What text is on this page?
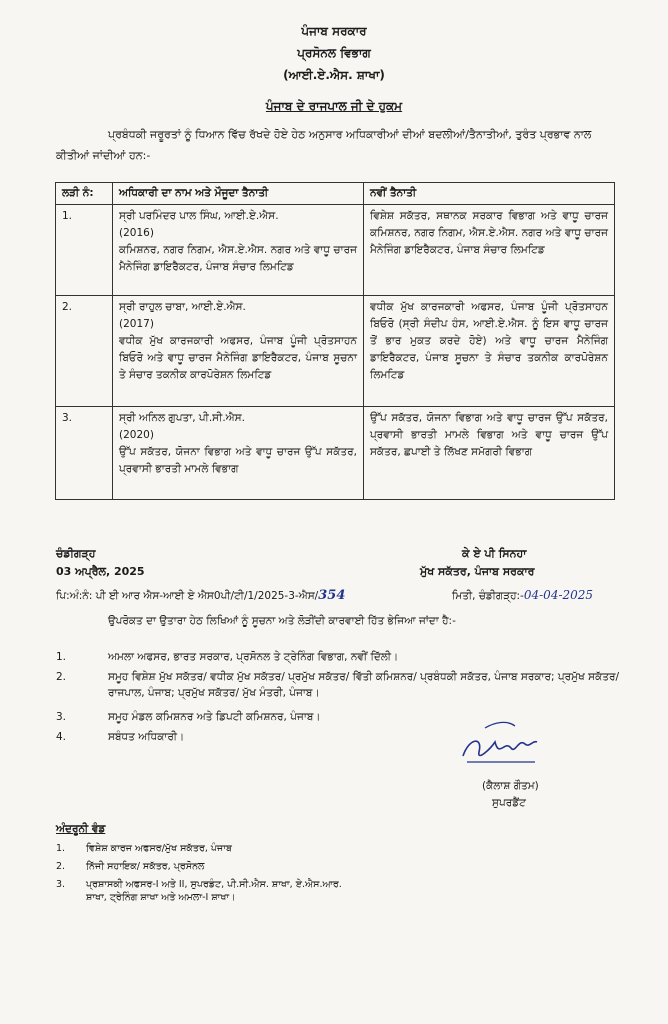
ਪੰਜਾਬ ਸਰਕਾਰ
ਪ੍ਰਸੋਨਲ ਵਿਭਾਗ
(ਆਈ.ਏ.ਐਸ. ਸ਼ਾਖਾ)
ਪੰਜਾਬ ਦੇ ਰਾਜਪਾਲ ਜੀ ਦੇ ਹੁਕਮ
ਪ੍ਰਬੰਧਕੀ ਜਰੂਰਤਾਂ ਨੂੰ ਧਿਆਨ ਵਿੱਚ ਰੱਖਦੇ ਹੋਏ ਹੇਠ ਅਨੁਸਾਰ ਅਧਿਕਾਰੀਆਂ ਦੀਆਂ ਬਦਲੀਆਂ/ਤੈਨਾਤੀਆਂ, ਤੁਰੰਤ ਪ੍ਰਭਾਵ ਨਾਲ ਕੀਤੀਆਂ ਜਾਂਦੀਆਂ ਹਨ:-
ਲੜੀ ਨੰ:	ਅਧਿਕਾਰੀ ਦਾ ਨਾਮ ਅਤੇ ਮੌਜੂਦਾ ਤੈਨਾਤੀ	ਨਵੀਂ ਤੈਨਾਤੀ
1.	ਸ੍ਰੀ ਪਰਮਿੰਦਰ ਪਾਲ ਸਿੰਘ, ਆਈ.ਏ.ਐਸ.
(2016)
ਕਮਿਸ਼ਨਰ, ਨਗਰ ਨਿਗਮ, ਐਸ.ਏ.ਐਸ. ਨਗਰ ਅਤੇ ਵਾਧੂ ਚਾਰਜ ਮੈਨੇਜਿੰਗ ਡਾਇਰੈਕਟਰ, ਪੰਜਾਬ ਸੰਚਾਰ ਲਿਮਟਿਡ	ਵਿਸ਼ੇਸ਼ ਸਕੱਤਰ, ਸਥਾਨਕ ਸਰਕਾਰ ਵਿਭਾਗ ਅਤੇ ਵਾਧੂ ਚਾਰਜ ਕਮਿਸ਼ਨਰ, ਨਗਰ ਨਿਗਮ, ਐਸ.ਏ.ਐਸ. ਨਗਰ ਅਤੇ ਵਾਧੂ ਚਾਰਜ ਮੈਨੇਜਿੰਗ ਡਾਇਰੈਕਟਰ, ਪੰਜਾਬ ਸੰਚਾਰ ਲਿਮਟਿਡ
2.	ਸ੍ਰੀ ਰਾਹੁਲ ਚਾਬਾ, ਆਈ.ਏ.ਐਸ.
(2017)
ਵਧੀਕ ਮੁੱਖ ਕਾਰਜਕਾਰੀ ਅਫਸਰ, ਪੰਜਾਬ ਪੂੰਜੀ ਪ੍ਰੋਤਸਾਹਨ ਬਿਓਰੋ ਅਤੇ ਵਾਧੂ ਚਾਰਜ ਮੈਨੇਜਿੰਗ ਡਾਇਰੈਕਟਰ, ਪੰਜਾਬ ਸੂਚਨਾ ਤੇ ਸੰਚਾਰ ਤਕਨੀਕ ਕਾਰਪੋਰੇਸ਼ਨ ਲਿਮਟਿਡ	ਵਧੀਕ ਮੁੱਖ ਕਾਰਜਕਾਰੀ ਅਫਸਰ, ਪੰਜਾਬ ਪੂੰਜੀ ਪ੍ਰੋਤਸਾਹਨ ਬਿਓਰੋ (ਸ੍ਰੀ ਸੰਦੀਪ ਹੰਸ, ਆਈ.ਏ.ਐਸ. ਨੂੰ ਇਸ ਵਾਧੂ ਚਾਰਜ ਤੋਂ ਭਾਰ ਮੁਕਤ ਕਰਦੇ ਹੋਏ) ਅਤੇ ਵਾਧੂ ਚਾਰਜ ਮੈਨੇਜਿੰਗ ਡਾਇਰੈਕਟਰ, ਪੰਜਾਬ ਸੂਚਨਾ ਤੇ ਸੰਚਾਰ ਤਕਨੀਕ ਕਾਰਪੋਰੇਸ਼ਨ ਲਿਮਟਿਡ
3.	ਸ੍ਰੀ ਅਨਿਲ ਗੁਪਤਾ, ਪੀ.ਸੀ.ਐਸ.
(2020)
ਉੱਪ ਸਕੱਤਰ, ਯੋਜਨਾ ਵਿਭਾਗ ਅਤੇ ਵਾਧੂ ਚਾਰਜ ਉੱਪ ਸਕੱਤਰ, ਪ੍ਰਵਾਸੀ ਭਾਰਤੀ ਮਾਮਲੇ ਵਿਭਾਗ	ਉੱਪ ਸਕੱਤਰ, ਯੋਜਨਾ ਵਿਭਾਗ ਅਤੇ ਵਾਧੂ ਚਾਰਜ ਉੱਪ ਸਕੱਤਰ, ਪ੍ਰਵਾਸੀ ਭਾਰਤੀ ਮਾਮਲੇ ਵਿਭਾਗ ਅਤੇ ਵਾਧੂ ਚਾਰਜ ਉੱਪ ਸਕੱਤਰ, ਛਪਾਈ ਤੇ ਲਿੱਖਣ ਸਮੱਗਰੀ ਵਿਭਾਗ
ਚੰਡੀਗੜ੍ਹ
03 ਅਪ੍ਰੈਲ, 2025
ਕੇ ਏ ਪੀ ਸਿਨਹਾ
ਮੁੱਖ ਸਕੱਤਰ, ਪੰਜਾਬ ਸਰਕਾਰ
ਪਿ:ਅੰ:ਨੰ: ਪੀ ਈ ਆਰ ਐਸ-ਆਈ ਏ ਐਸ0ਪੀ/ਟੀ/1/2025-3-ਐਸ/354	ਮਿਤੀ, ਚੰਡੀਗੜ੍ਹ:-04-04-2025
ਉਪਰੋਕਤ ਦਾ ਉਤਾਰਾ ਹੇਠ ਲਿਖਿਆਂ ਨੂੰ ਸੂਚਨਾ ਅਤੇ ਲੋੜੀਂਦੀ ਕਾਰਵਾਈ ਹਿੱਤ ਭੇਜਿਆ ਜਾਂਦਾ ਹੈ:-
1.	ਅਮਲਾ ਅਫਸਰ, ਭਾਰਤ ਸਰਕਾਰ, ਪ੍ਰਸੋਨਲ ਤੇ ਟ੍ਰੇਨਿੰਗ ਵਿਭਾਗ, ਨਵੀਂ ਦਿੱਲੀ।
2.	ਸਮੂਹ ਵਿਸ਼ੇਸ਼ ਮੁੱਖ ਸਕੱਤਰ/ ਵਧੀਕ ਮੁੱਖ ਸਕੱਤਰ/ ਪ੍ਰਮੁੱਖ ਸਕੱਤਰ/ ਵਿੱਤੀ ਕਮਿਸ਼ਨਰ/ ਪ੍ਰਬੰਧਕੀ ਸਕੱਤਰ, ਪੰਜਾਬ ਸਰਕਾਰ; ਪ੍ਰਮੁੱਖ ਸਕੱਤਰ/ ਰਾਜਪਾਲ, ਪੰਜਾਬ; ਪ੍ਰਮੁੱਖ ਸਕੱਤਰ/ ਮੁੱਖ ਮੰਤਰੀ, ਪੰਜਾਬ।
3.	ਸਮੂਹ ਮੰਡਲ ਕਮਿਸ਼ਨਰ ਅਤੇ ਡਿਪਟੀ ਕਮਿਸ਼ਨਰ, ਪੰਜਾਬ।
4.	ਸਬੰਧਤ ਅਧਿਕਾਰੀ।
(ਕੈਲਾਸ਼ ਗੌਤਮ)
ਸੁਪਰਡੈਂਟ
ਅੰਦਰੂਨੀ ਵੰਡ
1. ਵਿਸ਼ੇਸ਼ ਕਾਰਜ ਅਫਸਰ/ਮੁੱਖ ਸਕੱਤਰ, ਪੰਜਾਬ
2. ਨਿੱਜੀ ਸਹਾਇਕ/ ਸਕੱਤਰ, ਪ੍ਰਸੋਨਲ
3. ਪ੍ਰਸ਼ਾਸਕੀ ਅਫਸਰ-I ਅਤੇ II, ਸੁਪਰਡੰਟ, ਪੀ.ਸੀ.ਐਸ. ਸ਼ਾਖਾ, ਏ.ਐਸ.ਆਰ. ਸ਼ਾਖਾ, ਟ੍ਰੇਨਿੰਗ ਸ਼ਾਖਾ ਅਤੇ ਅਮਲਾ-I ਸ਼ਾਖਾ।
